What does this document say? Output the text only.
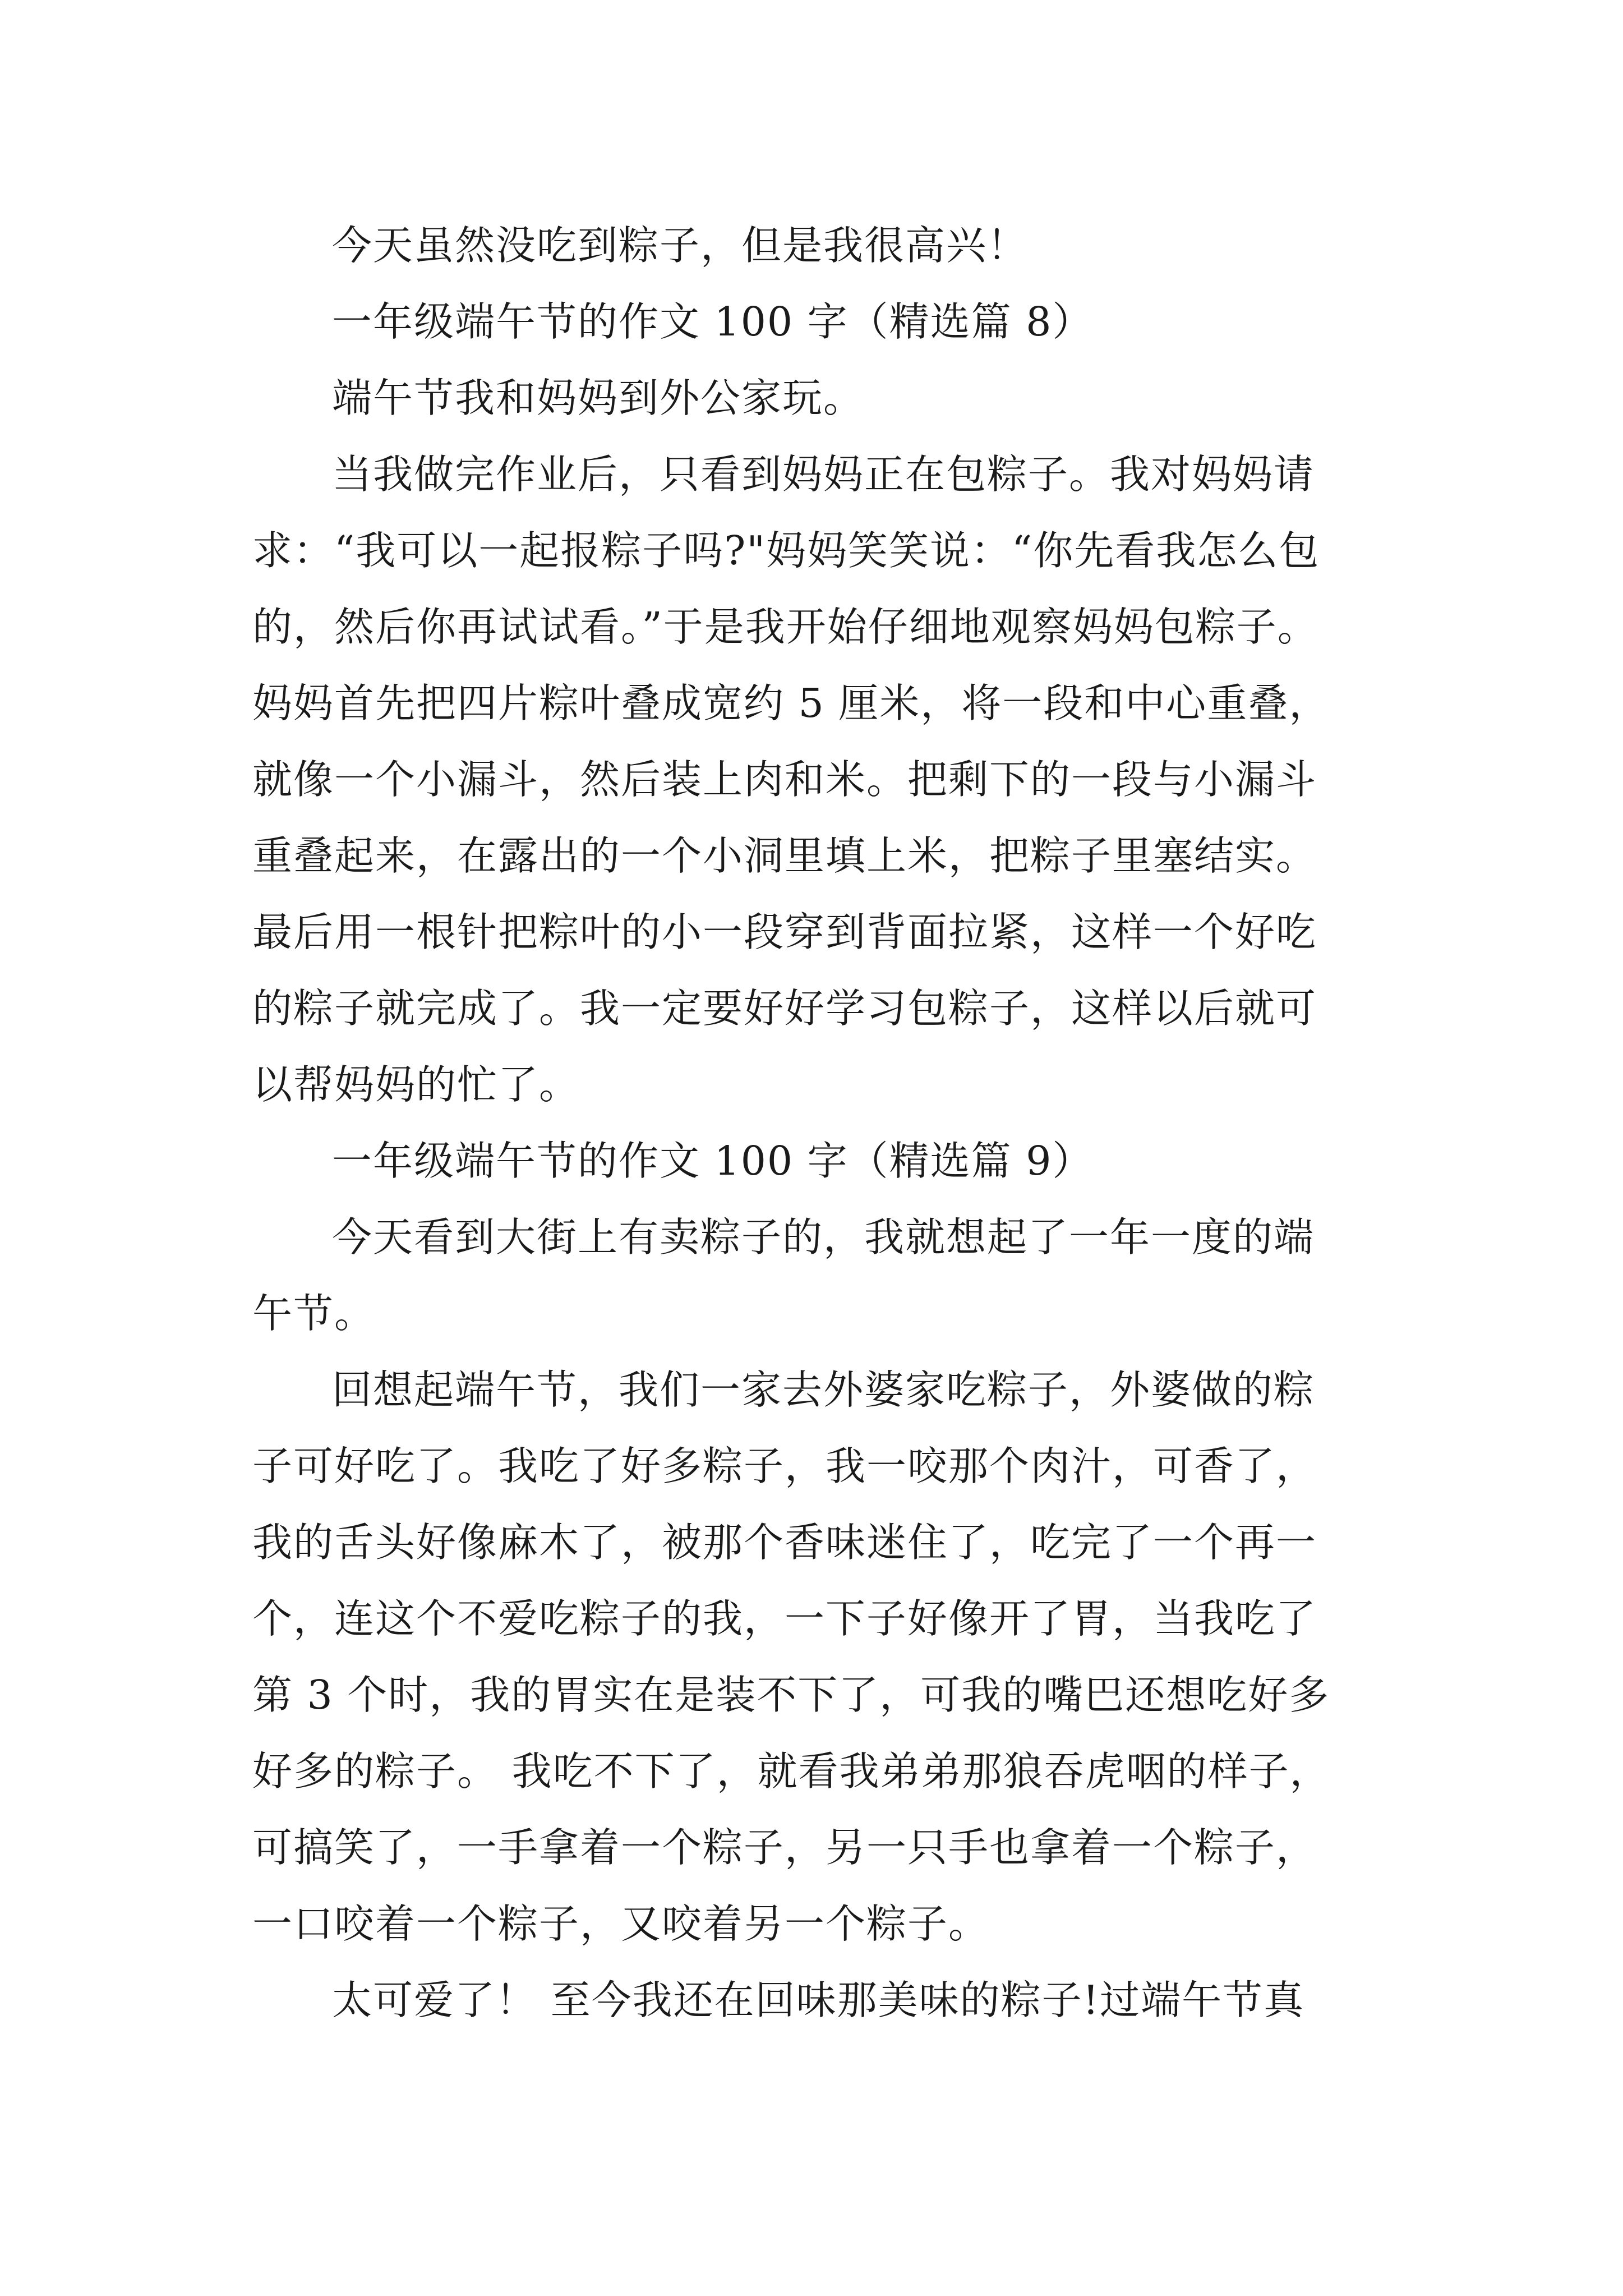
今天虽然没吃到粽子，但是我很高兴！
一年级端午节的作文 100 字（精选篇 8）
端午节我和妈妈到外公家玩。
当我做完作业后，只看到妈妈正在包粽子。我对妈妈请
求：“我可以一起报粽子吗?"妈妈笑笑说：“你先看我怎么包
的，然后你再试试看。”于是我开始仔细地观察妈妈包粽子。
妈妈首先把四片粽叶叠成宽约 5 厘米，将一段和中心重叠，
就像一个小漏斗，然后装上肉和米。把剩下的一段与小漏斗
重叠起来，在露出的一个小洞里填上米，把粽子里塞结实。
最后用一根针把粽叶的小一段穿到背面拉紧，这样一个好吃
的粽子就完成了。我一定要好好学习包粽子，这样以后就可
以帮妈妈的忙了。
一年级端午节的作文 100 字（精选篇 9）
今天看到大街上有卖粽子的，我就想起了一年一度的端
午节。
回想起端午节，我们一家去外婆家吃粽子，外婆做的粽
子可好吃了。我吃了好多粽子，我一咬那个肉汁，可香了，
我的舌头好像麻木了，被那个香味迷住了，吃完了一个再一
个，连这个不爱吃粽子的我，一下子好像开了胃，当我吃了
第 3 个时，我的胃实在是装不下了，可我的嘴巴还想吃好多
好多的粽子。 我吃不下了，就看我弟弟那狼吞虎咽的样子，
可搞笑了，一手拿着一个粽子，另一只手也拿着一个粽子，
一口咬着一个粽子，又咬着另一个粽子。
太可爱了！ 至今我还在回味那美味的粽子!过端午节真
